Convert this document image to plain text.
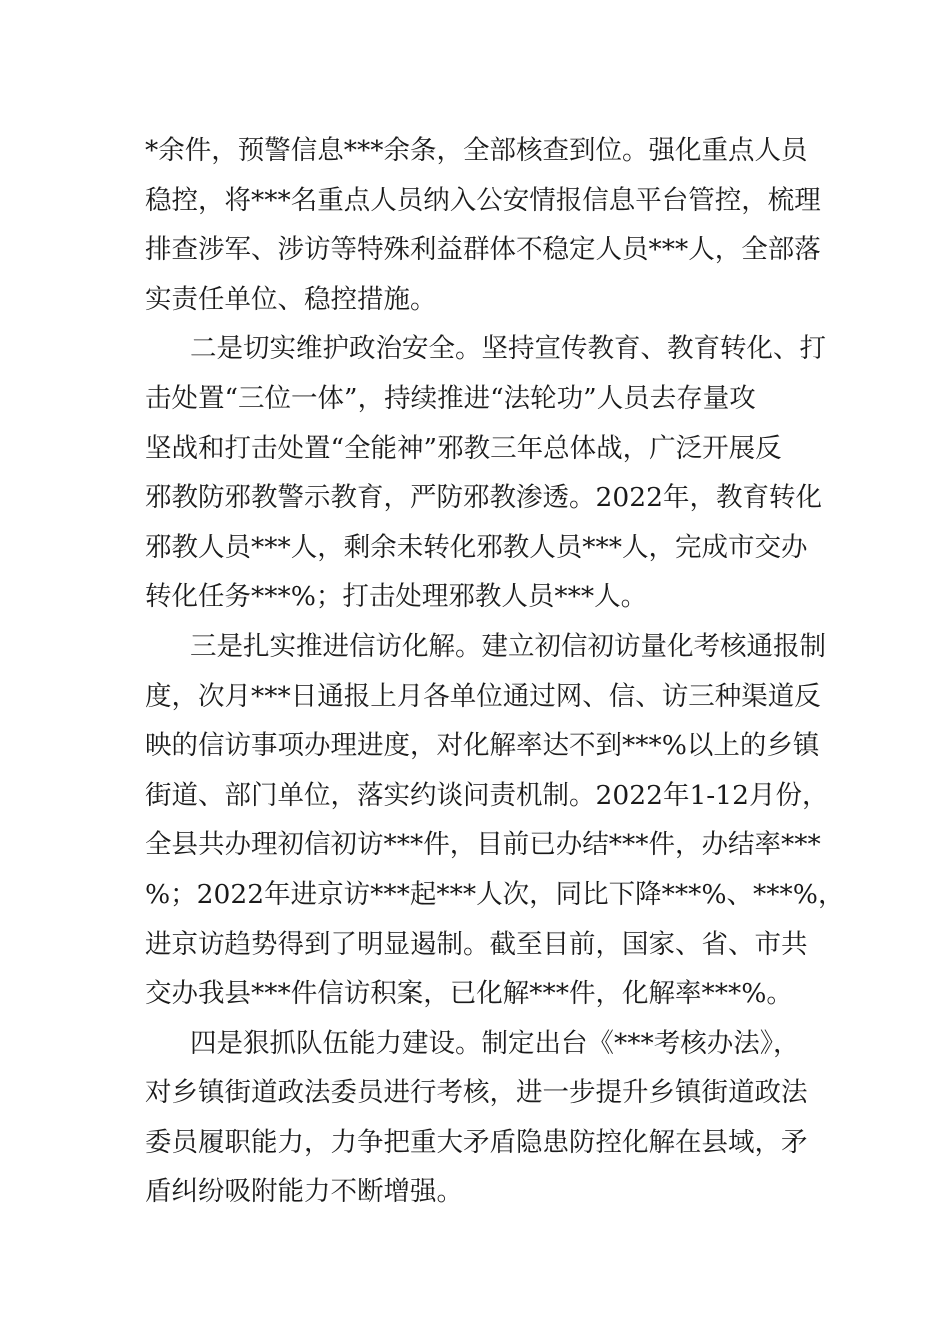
*余件，预警信息***余条，全部核查到位。强化重点人员
稳控，将***名重点人员纳入公安情报信息平台管控，梳理
排查涉军、涉访等特殊利益群体不稳定人员***人，全部落
实责任单位、稳控措施。
二是切实维护政治安全。坚持宣传教育、教育转化、打
击处置“三位一体”，持续推进“法轮功”人员去存量攻
坚战和打击处置“全能神”邪教三年总体战，广泛开展反
邪教防邪教警示教育，严防邪教渗透。2022年，教育转化
邪教人员***人，剩余未转化邪教人员***人，完成市交办
转化任务***%；打击处理邪教人员***人。
三是扎实推进信访化解。建立初信初访量化考核通报制
度，次月***日通报上月各单位通过网、信、访三种渠道反
映的信访事项办理进度，对化解率达不到***%以上的乡镇
街道、部门单位，落实约谈问责机制。2022年1-12月份，
全县共办理初信初访***件，目前已办结***件，办结率***
%；2022年进京访***起***人次，同比下降***%、***%，
进京访趋势得到了明显遏制。截至目前，国家、省、市共
交办我县***件信访积案，已化解***件，化解率***%。
四是狠抓队伍能力建设。制定出台《***考核办法》，
对乡镇街道政法委员进行考核，进一步提升乡镇街道政法
委员履职能力，力争把重大矛盾隐患防控化解在县域，矛
盾纠纷吸附能力不断增强。
